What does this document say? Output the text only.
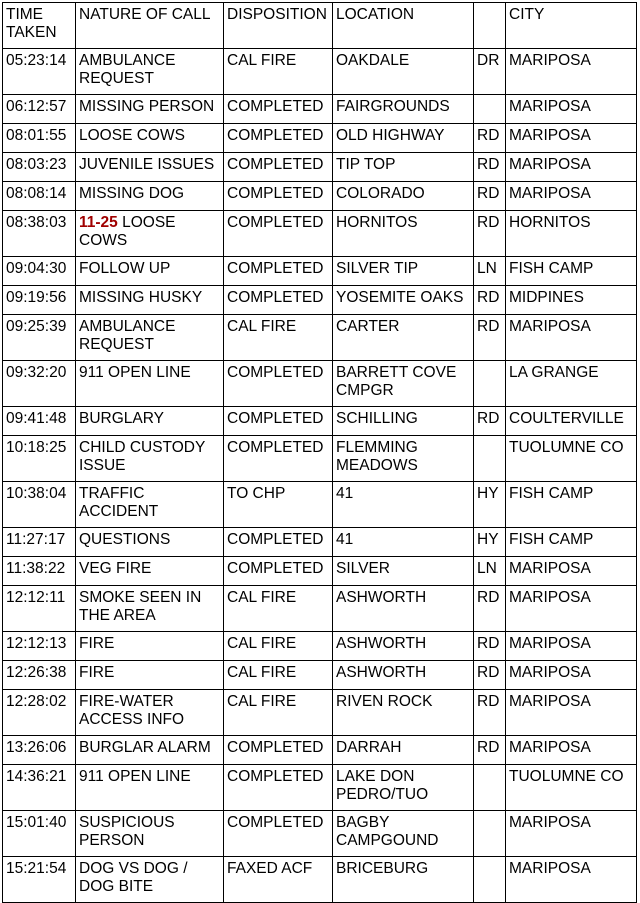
TIME TAKEN	NATURE OF CALL	DISPOSITION	LOCATION		CITY
05:23:14	AMBULANCE REQUEST	CAL FIRE	OAKDALE	DR	MARIPOSA
06:12:57	MISSING PERSON	COMPLETED	FAIRGROUNDS		MARIPOSA
08:01:55	LOOSE COWS	COMPLETED	OLD HIGHWAY	RD	MARIPOSA
08:03:23	JUVENILE ISSUES	COMPLETED	TIP TOP	RD	MARIPOSA
08:08:14	MISSING DOG	COMPLETED	COLORADO	RD	MARIPOSA
08:38:03	11-25 LOOSE COWS	COMPLETED	HORNITOS	RD	HORNITOS
09:04:30	FOLLOW UP	COMPLETED	SILVER TIP	LN	FISH CAMP
09:19:56	MISSING HUSKY	COMPLETED	YOSEMITE OAKS	RD	MIDPINES
09:25:39	AMBULANCE REQUEST	CAL FIRE	CARTER	RD	MARIPOSA
09:32:20	911 OPEN LINE	COMPLETED	BARRETT COVE CMPGR		LA GRANGE
09:41:48	BURGLARY	COMPLETED	SCHILLING	RD	COULTERVILLE
10:18:25	CHILD CUSTODY ISSUE	COMPLETED	FLEMMING MEADOWS		TUOLUMNE CO
10:38:04	TRAFFIC ACCIDENT	TO CHP	41	HY	FISH CAMP
11:27:17	QUESTIONS	COMPLETED	41	HY	FISH CAMP
11:38:22	VEG FIRE	COMPLETED	SILVER	LN	MARIPOSA
12:12:11	SMOKE SEEN IN THE AREA	CAL FIRE	ASHWORTH	RD	MARIPOSA
12:12:13	FIRE	CAL FIRE	ASHWORTH	RD	MARIPOSA
12:26:38	FIRE	CAL FIRE	ASHWORTH	RD	MARIPOSA
12:28:02	FIRE-WATER ACCESS INFO	CAL FIRE	RIVEN ROCK	RD	MARIPOSA
13:26:06	BURGLAR ALARM	COMPLETED	DARRAH	RD	MARIPOSA
14:36:21	911 OPEN LINE	COMPLETED	LAKE DON PEDRO/TUO		TUOLUMNE CO
15:01:40	SUSPICIOUS PERSON	COMPLETED	BAGBY CAMPGOUND		MARIPOSA
15:21:54	DOG VS DOG / DOG BITE	FAXED ACF	BRICEBURG		MARIPOSA
